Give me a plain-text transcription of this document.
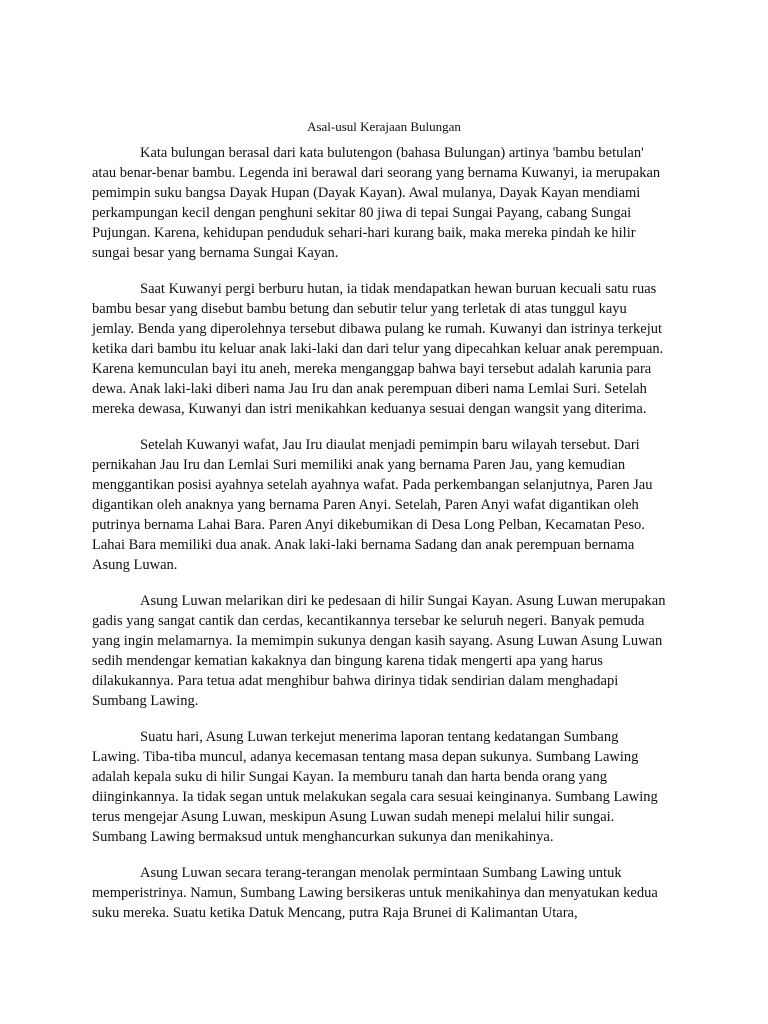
Asal-usul Kerajaan Bulungan

Kata bulungan berasal dari kata bulutengon (bahasa Bulungan) artinya 'bambu betulan' atau benar-benar bambu. Legenda ini berawal dari seorang yang bernama Kuwanyi, ia merupakan pemimpin suku bangsa Dayak Hupan (Dayak Kayan). Awal mulanya, Dayak Kayan mendiami perkampungan kecil dengan penghuni sekitar 80 jiwa di tepai Sungai Payang, cabang Sungai Pujungan. Karena, kehidupan penduduk sehari-hari kurang baik, maka mereka pindah ke hilir sungai besar yang bernama Sungai Kayan.

Saat Kuwanyi pergi berburu hutan, ia tidak mendapatkan hewan buruan kecuali satu ruas bambu besar yang disebut bambu betung dan sebutir telur yang terletak di atas tunggul kayu jemlay. Benda yang diperolehnya tersebut dibawa pulang ke rumah. Kuwanyi dan istrinya terkejut ketika dari bambu itu keluar anak laki-laki dan dari telur yang dipecahkan keluar anak perempuan. Karena kemunculan bayi itu aneh, mereka menganggap bahwa bayi tersebut adalah karunia para dewa. Anak laki-laki diberi nama Jau Iru dan anak perempuan diberi nama Lemlai Suri. Setelah mereka dewasa, Kuwanyi dan istri menikahkan keduanya sesuai dengan wangsit yang diterima.

Setelah Kuwanyi wafat, Jau Iru diaulat menjadi pemimpin baru wilayah tersebut. Dari pernikahan Jau Iru dan Lemlai Suri memiliki anak yang bernama Paren Jau, yang kemudian menggantikan posisi ayahnya setelah ayahnya wafat. Pada perkembangan selanjutnya, Paren Jau digantikan oleh anaknya yang bernama Paren Anyi. Setelah, Paren Anyi wafat digantikan oleh putrinya bernama Lahai Bara. Paren Anyi dikebumikan di Desa Long Pelban, Kecamatan Peso. Lahai Bara memiliki dua anak. Anak laki-laki bernama Sadang dan anak perempuan bernama Asung Luwan.

Asung Luwan melarikan diri ke pedesaan di hilir Sungai Kayan. Asung Luwan merupakan gadis yang sangat cantik dan cerdas, kecantikannya tersebar ke seluruh negeri. Banyak pemuda yang ingin melamarnya. Ia memimpin sukunya dengan kasih sayang. Asung Luwan Asung Luwan sedih mendengar kematian kakaknya dan bingung karena tidak mengerti apa yang harus dilakukannya. Para tetua adat menghibur bahwa dirinya tidak sendirian dalam menghadapi Sumbang Lawing.

Suatu hari, Asung Luwan terkejut menerima laporan tentang kedatangan Sumbang Lawing. Tiba-tiba muncul, adanya kecemasan tentang masa depan sukunya. Sumbang Lawing adalah kepala suku di hilir Sungai Kayan. Ia memburu tanah dan harta benda orang yang diinginkannya. Ia tidak segan untuk melakukan segala cara sesuai keinginanya. Sumbang Lawing terus mengejar Asung Luwan, meskipun Asung Luwan sudah menepi melalui hilir sungai. Sumbang Lawing bermaksud untuk menghancurkan sukunya dan menikahinya.

Asung Luwan secara terang-terangan menolak permintaan Sumbang Lawing untuk memperistrinya. Namun, Sumbang Lawing bersikeras untuk menikahinya dan menyatukan kedua suku mereka. Suatu ketika Datuk Mencang, putra Raja Brunei di Kalimantan Utara,
